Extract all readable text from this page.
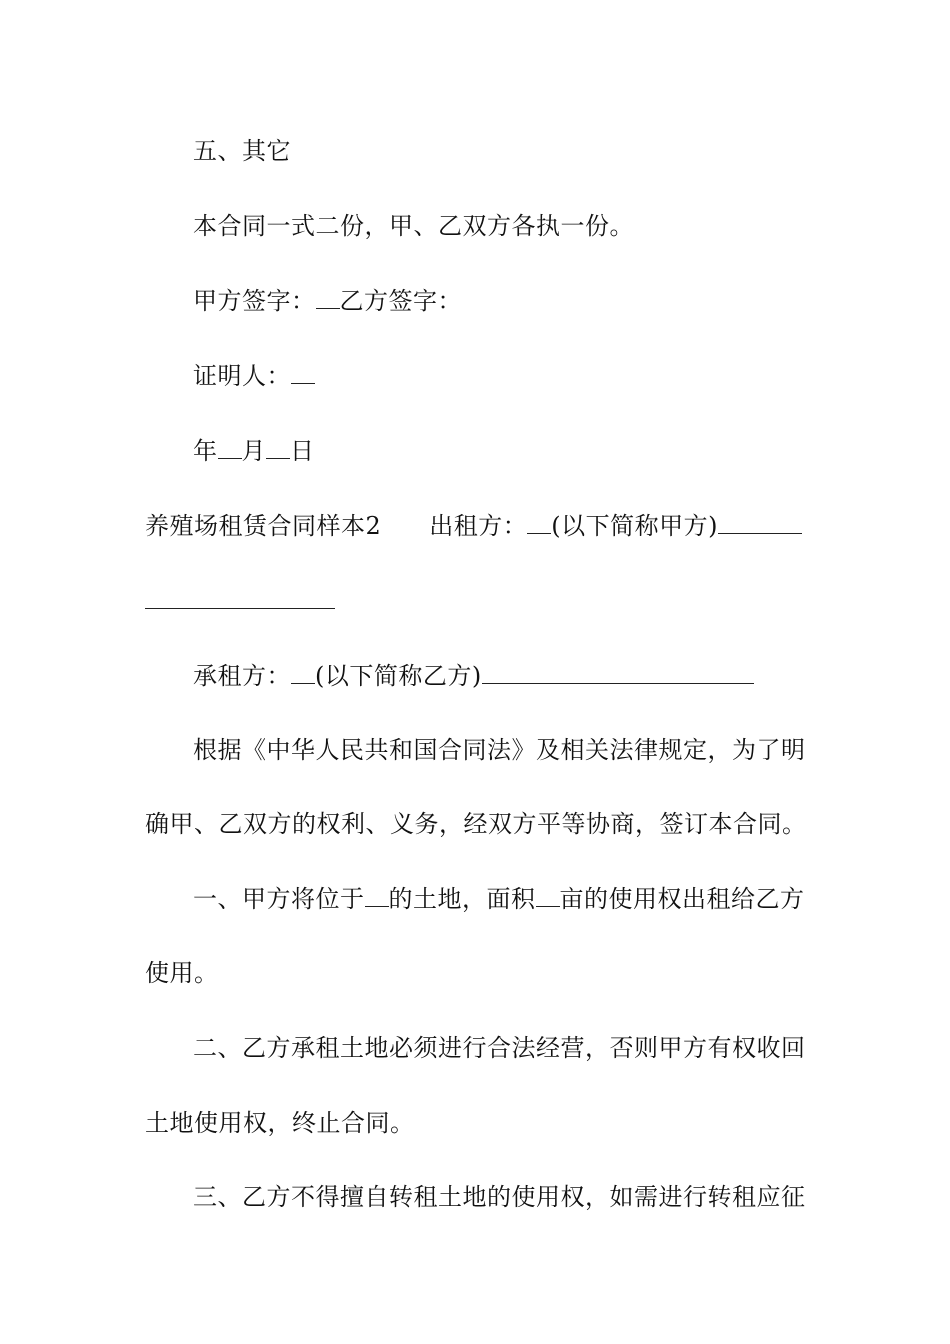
五、其它
本合同一式二份，甲、乙双方各执一份。
甲方签字： 乙方签字：
证明人：
年 月 日
养殖场租赁合同样本2 出租方： (以下简称甲方)
承租方： (以下简称乙方)
根据《中华人民共和国合同法》及相关法律规定，为了明
确甲、乙双方的权利、义务，经双方平等协商，签订本合同。
一、甲方将位于 的土地，面积 亩的使用权出租给乙方
使用。
二、乙方承租土地必须进行合法经营，否则甲方有权收回
土地使用权，终止合同。
三、乙方不得擅自转租土地的使用权，如需进行转租应征
